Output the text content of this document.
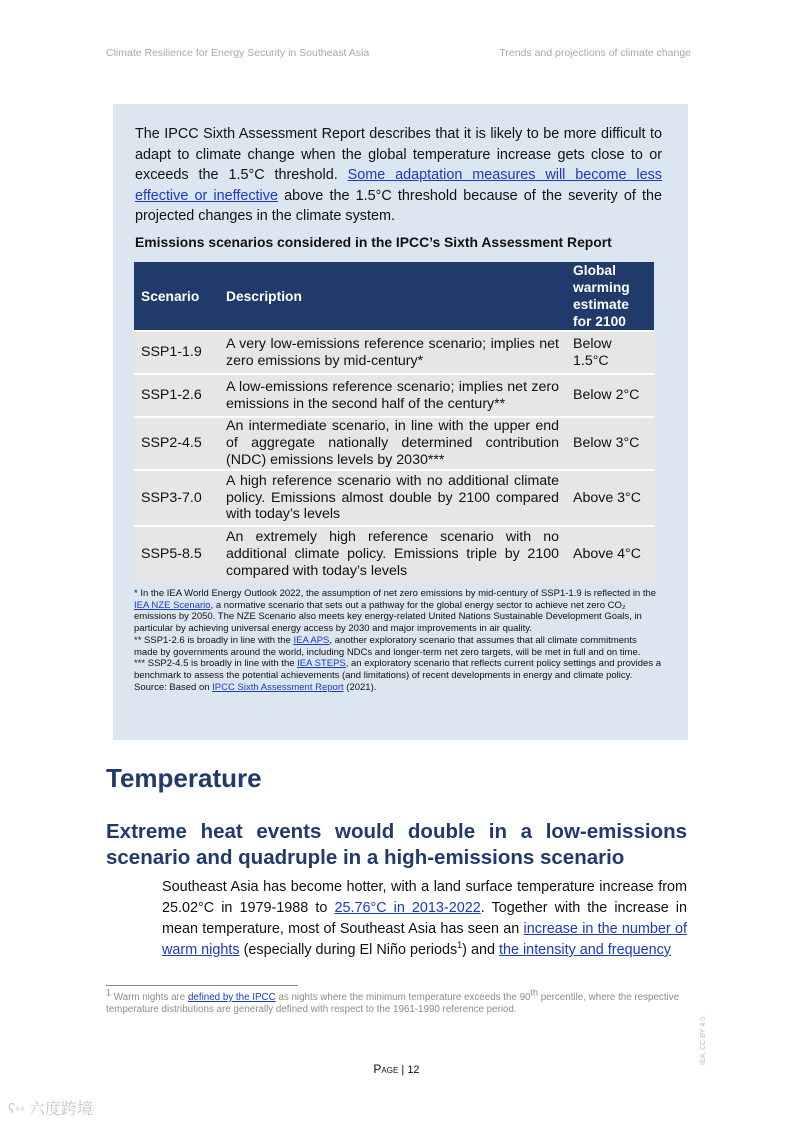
Climate Resilience for Energy Security in Southeast Asia	Trends and projections of climate change

The IPCC Sixth Assessment Report describes that it is likely to be more difficult to adapt to climate change when the global temperature increase gets close to or exceeds the 1.5°C threshold. Some adaptation measures will become less effective or ineffective above the 1.5°C threshold because of the severity of the projected changes in the climate system.

Emissions scenarios considered in the IPCC’s Sixth Assessment Report
Scenario	Description	Global warming estimate for 2100
SSP1-1.9	A very low-emissions reference scenario; implies net zero emissions by mid-century*	Below 1.5°C
SSP1-2.6	A low-emissions reference scenario; implies net zero emissions in the second half of the century**	Below 2°C
SSP2-4.5	An intermediate scenario, in line with the upper end of aggregate nationally determined contribution (NDC) emissions levels by 2030***	Below 3°C
SSP3-7.0	A high reference scenario with no additional climate policy. Emissions almost double by 2100 compared with today’s levels	Above 3°C
SSP5-8.5	An extremely high reference scenario with no additional climate policy. Emissions triple by 2100 compared with today’s levels	Above 4°C

* In the IEA World Energy Outlook 2022, the assumption of net zero emissions by mid-century of SSP1-1.9 is reflected in the IEA NZE Scenario, a normative scenario that sets out a pathway for the global energy sector to achieve net zero CO₂ emissions by 2050. The NZE Scenario also meets key energy-related United Nations Sustainable Development Goals, in particular by achieving universal energy access by 2030 and major improvements in air quality.

** SSP1-2.6 is broadly in line with the IEA APS, another exploratory scenario that assumes that all climate commitments made by governments around the world, including NDCs and longer-term net zero targets, will be met in full and on time.

*** SSP2-4.5 is broadly in line with the IEA STEPS, an exploratory scenario that reflects current policy settings and provides a benchmark to assess the potential achievements (and limitations) of recent developments in energy and climate policy.

Source: Based on IPCC Sixth Assessment Report (2021).

Temperature
Extreme heat events would double in a low-emissions
scenario and quadruple in a high-emissions scenario

Southeast Asia has become hotter, with a land surface temperature increase from 25.02°C in 1979-1988 to 25.76°C in 2013-2022. Together with the increase in mean temperature, most of Southeast Asia has seen an increase in the number of warm nights (especially during El Niño periods$^1$) and the intensity and frequency

$^1$ Warm nights are defined by the IPCC as nights where the minimum temperature exceeds the 90th percentile, where the respective temperature distributions are generally defined with respect to the 1961-1990 reference period.

Page | 12
IEA. CC BY 4.0.
ʕ◦◦ 六度跨境
